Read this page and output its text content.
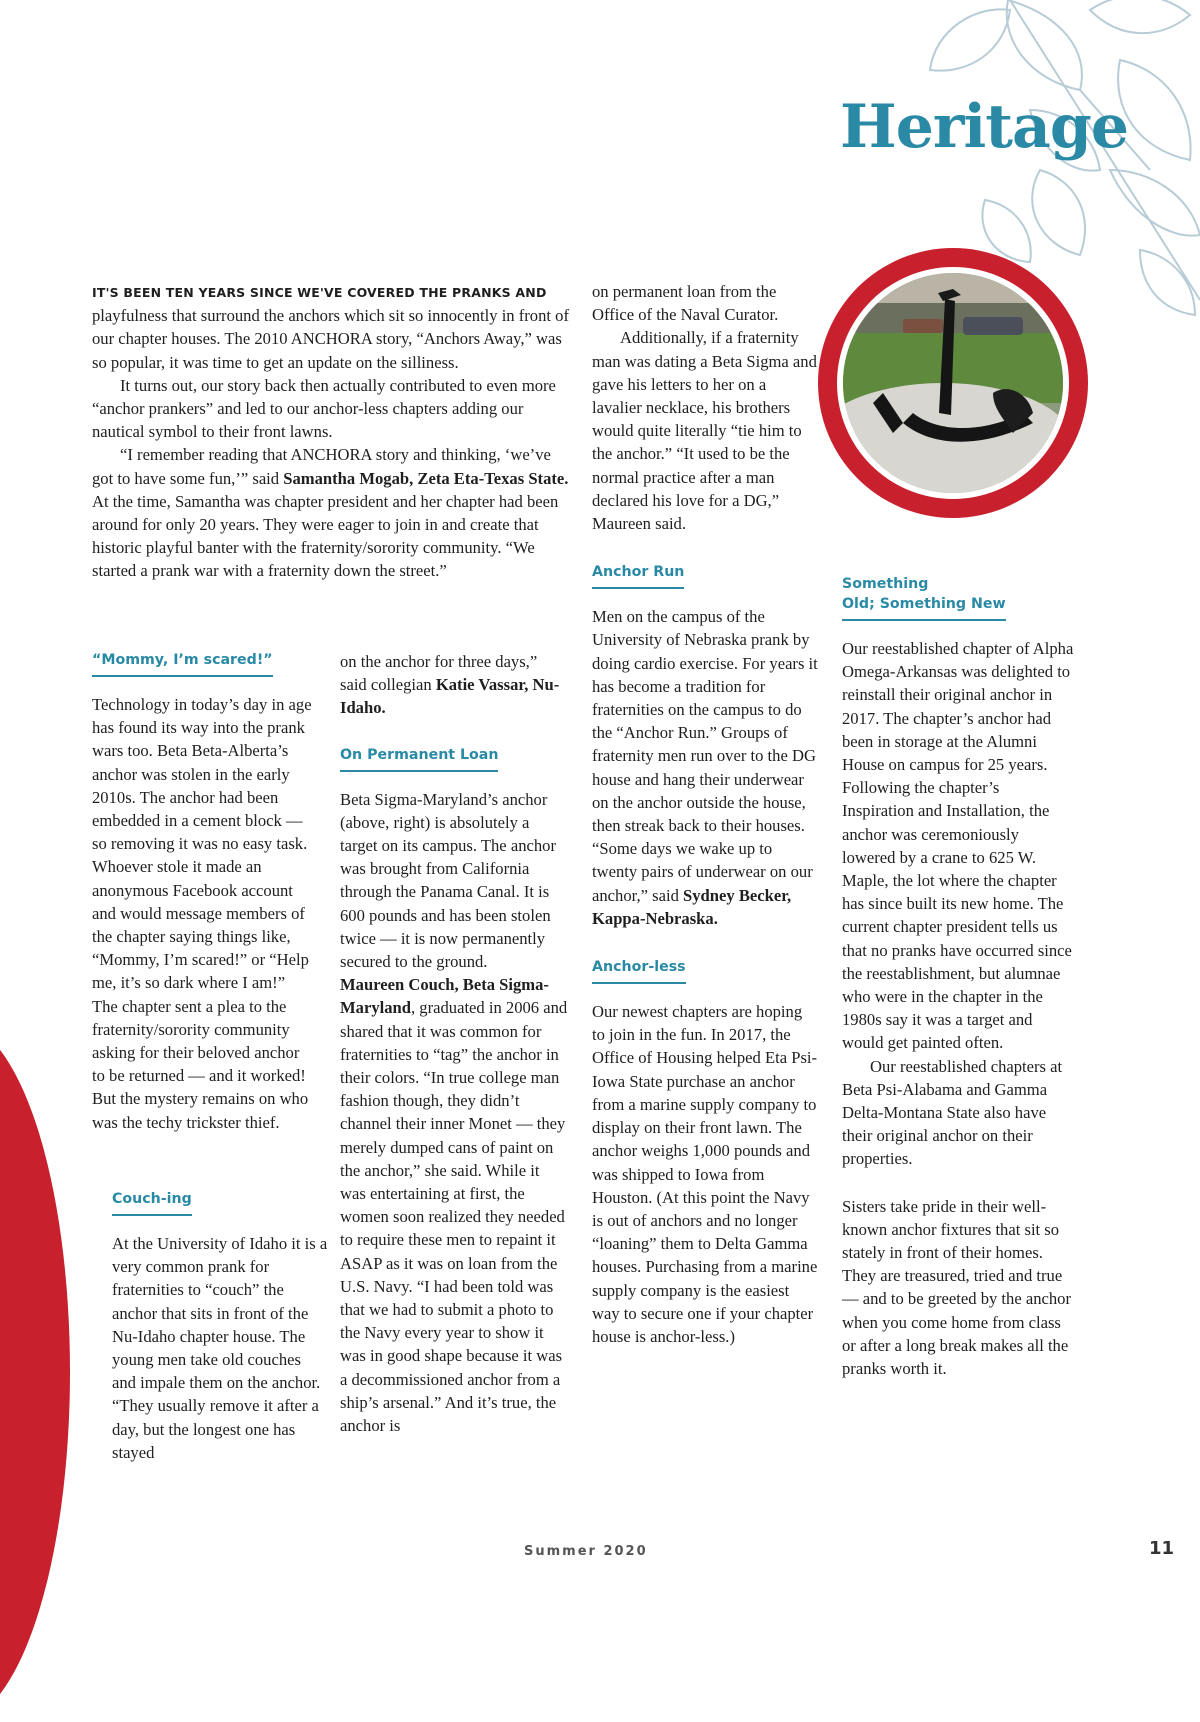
Heritage

IT'S BEEN TEN YEARS SINCE WE'VE COVERED THE PRANKS AND playfulness that surround the anchors which sit so innocently in front of our chapter houses. The 2010 ANCHORA story, “Anchors Away,” was so popular, it was time to get an update on the silliness.

It turns out, our story back then actually contributed to even more “anchor prankers” and led to our anchor-less chapters adding our nautical symbol to their front lawns.

“I remember reading that ANCHORA story and thinking, ‘we’ve got to have some fun,’” said Samantha Mogab, Zeta Eta-Texas State. At the time, Samantha was chapter president and her chapter had been around for only 20 years. They were eager to join in and create that historic playful banter with the fraternity/sorority community. “We started a prank war with a fraternity down the street.”

“Mommy, I’m scared!”

Technology in today’s day in age has found its way into the prank wars too. Beta Beta-Alberta’s anchor was stolen in the early 2010s. The anchor had been embedded in a cement block — so removing it was no easy task. Whoever stole it made an anonymous Facebook account and would message members of the chapter saying things like, “Mommy, I’m scared!” or “Help me, it’s so dark where I am!” The chapter sent a plea to the fraternity/sorority community asking for their beloved anchor to be returned — and it worked! But the mystery remains on who was the techy trickster thief.

Couch-ing

At the University of Idaho it is a very common prank for fraternities to “couch” the anchor that sits in front of the Nu-Idaho chapter house. The young men take old couches and impale them on the anchor. “They usually remove it after a day, but the longest one has stayed

on the anchor for three days,” said collegian Katie Vassar, Nu-Idaho.

On Permanent Loan

Beta Sigma-Maryland’s anchor (above, right) is absolutely a target on its campus. The anchor was brought from California through the Panama Canal. It is 600 pounds and has been stolen twice — it is now permanently secured to the ground.

Maureen Couch, Beta Sigma-Maryland, graduated in 2006 and shared that it was common for fraternities to “tag” the anchor in their colors. “In true college man fashion though, they didn’t channel their inner Monet — they merely dumped cans of paint on the anchor,” she said. While it was entertaining at first, the women soon realized they needed to require these men to repaint it ASAP as it was on loan from the U.S. Navy. “I had been told was that we had to submit a photo to the Navy every year to show it was in good shape because it was a decommissioned anchor from a ship’s arsenal.” And it’s true, the anchor is

on permanent loan from the Office of the Naval Curator.

Additionally, if a fraternity man was dating a Beta Sigma and gave his letters to her on a lavalier necklace, his brothers would quite literally “tie him to the anchor.” “It used to be the normal practice after a man declared his love for a DG,” Maureen said.

Anchor Run

Men on the campus of the University of Nebraska prank by doing cardio exercise. For years it has become a tradition for fraternities on the campus to do the “Anchor Run.” Groups of fraternity men run over to the DG house and hang their underwear on the anchor outside the house, then streak back to their houses. “Some days we wake up to twenty pairs of underwear on our anchor,” said Sydney Becker, Kappa-Nebraska.

Anchor-less

Our newest chapters are hoping to join in the fun. In 2017, the Office of Housing helped Eta Psi-Iowa State purchase an anchor from a marine supply company to display on their front lawn. The anchor weighs 1,000 pounds and was shipped to Iowa from Houston. (At this point the Navy is out of anchors and no longer “loaning” them to Delta Gamma houses. Purchasing from a marine supply company is the easiest way to secure one if your chapter house is anchor-less.)

Something
Old; Something New

Our reestablished chapter of Alpha Omega-Arkansas was delighted to reinstall their original anchor in 2017. The chapter’s anchor had been in storage at the Alumni House on campus for 25 years. Following the chapter’s Inspiration and Installation, the anchor was ceremoniously lowered by a crane to 625 W. Maple, the lot where the chapter has since built its new home. The current chapter president tells us that no pranks have occurred since the reestablishment, but alumnae who were in the chapter in the 1980s say it was a target and would get painted often.

Our reestablished chapters at Beta Psi-Alabama and Gamma Delta-Montana State also have their original anchor on their properties.

Sisters take pride in their well-known anchor fixtures that sit so stately in front of their homes. They are treasured, tried and true — and to be greeted by the anchor when you come home from class or after a long break makes all the pranks worth it.

Summer 2020	11
